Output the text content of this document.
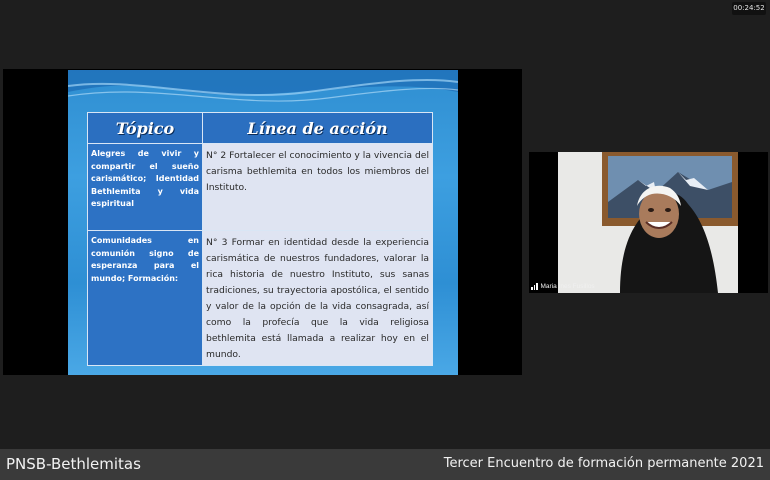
00:24:52
Tópico	Línea de acción
Alegres de vivir y compartir el sueño carismático; Identidad Bethlemita y vida espiritual	N° 2 Fortalecer el conocimiento y la vivencia del carisma bethlemita en todos los miembros del Instituto.
Comunidades en comunión signo de esperanza para el mundo; Formación:	N° 3 Formar en identidad desde la experiencia carismática de nuestros fundadores, valorar la rica historia de nuestro Instituto, sus sanas tradiciones, su trayectoria apostólica, el sentido y valor de la opción de la vida consagrada, así como la profecía que la vida religiosa bethlemita está llamada a realizar hoy en el mundo.
Maria Ines Fusillos
PNSB-Bethlemitas	Tercer Encuentro de formación permanente 2021
